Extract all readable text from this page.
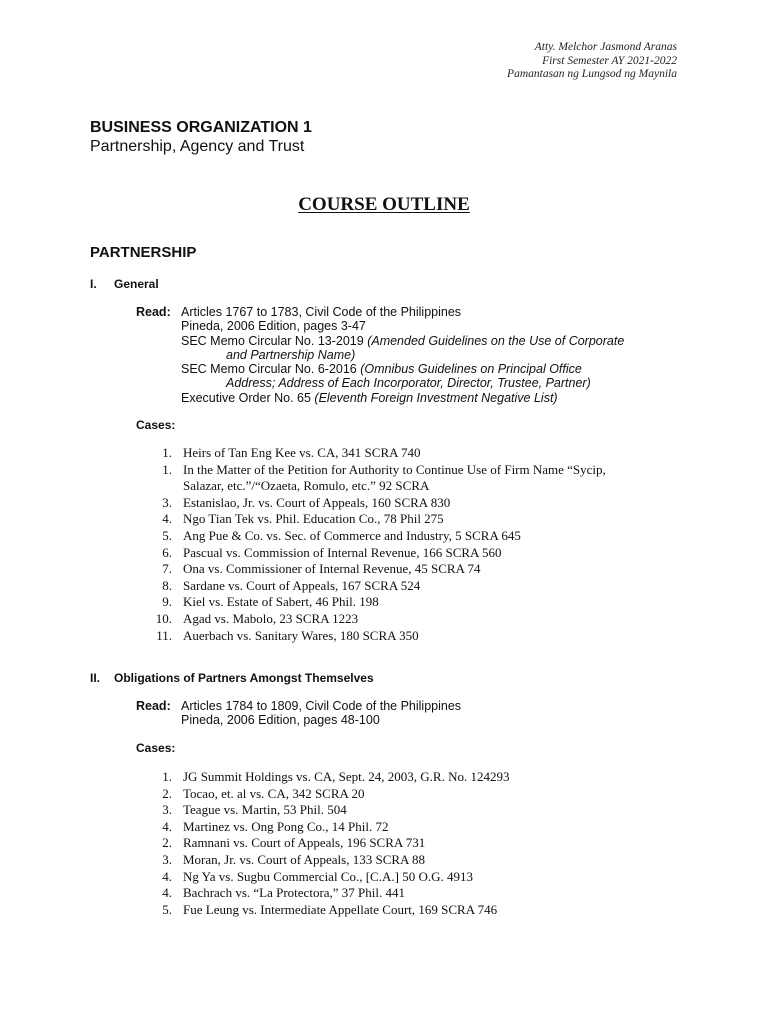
Atty. Melchor Jasmond Aranas
First Semester AY 2021-2022
Pamantasan ng Lungsod ng Maynila
BUSINESS ORGANIZATION 1
Partnership, Agency and Trust
COURSE OUTLINE
PARTNERSHIP
I. General
Read: Articles 1767 to 1783, Civil Code of the Philippines
Pineda, 2006 Edition, pages 3-47
SEC Memo Circular No. 13-2019 (Amended Guidelines on the Use of Corporate
and Partnership Name)
SEC Memo Circular No. 6-2016 (Omnibus Guidelines on Principal Office
Address; Address of Each Incorporator, Director, Trustee, Partner)
Executive Order No. 65 (Eleventh Foreign Investment Negative List)
Cases:
1. Heirs of Tan Eng Kee vs. CA, 341 SCRA 740
1. In the Matter of the Petition for Authority to Continue Use of Firm Name “Sycip,
Salazar, etc.”/“Ozaeta, Romulo, etc.” 92 SCRA
3. Estanislao, Jr. vs. Court of Appeals, 160 SCRA 830
4. Ngo Tian Tek vs. Phil. Education Co., 78 Phil 275
5. Ang Pue & Co. vs. Sec. of Commerce and Industry, 5 SCRA 645
6. Pascual vs. Commission of Internal Revenue, 166 SCRA 560
7. Ona vs. Commissioner of Internal Revenue, 45 SCRA 74
8. Sardane vs. Court of Appeals, 167 SCRA 524
9. Kiel vs. Estate of Sabert, 46 Phil. 198
10. Agad vs. Mabolo, 23 SCRA 1223
11. Auerbach vs. Sanitary Wares, 180 SCRA 350
II. Obligations of Partners Amongst Themselves
Read: Articles 1784 to 1809, Civil Code of the Philippines
Pineda, 2006 Edition, pages 48-100
Cases:
1. JG Summit Holdings vs. CA, Sept. 24, 2003, G.R. No. 124293
2. Tocao, et. al vs. CA, 342 SCRA 20
3. Teague vs. Martin, 53 Phil. 504
4. Martinez vs. Ong Pong Co., 14 Phil. 72
2. Ramnani vs. Court of Appeals, 196 SCRA 731
3. Moran, Jr. vs. Court of Appeals, 133 SCRA 88
4. Ng Ya vs. Sugbu Commercial Co., [C.A.] 50 O.G. 4913
4. Bachrach vs. “La Protectora,” 37 Phil. 441
5. Fue Leung vs. Intermediate Appellate Court, 169 SCRA 746
